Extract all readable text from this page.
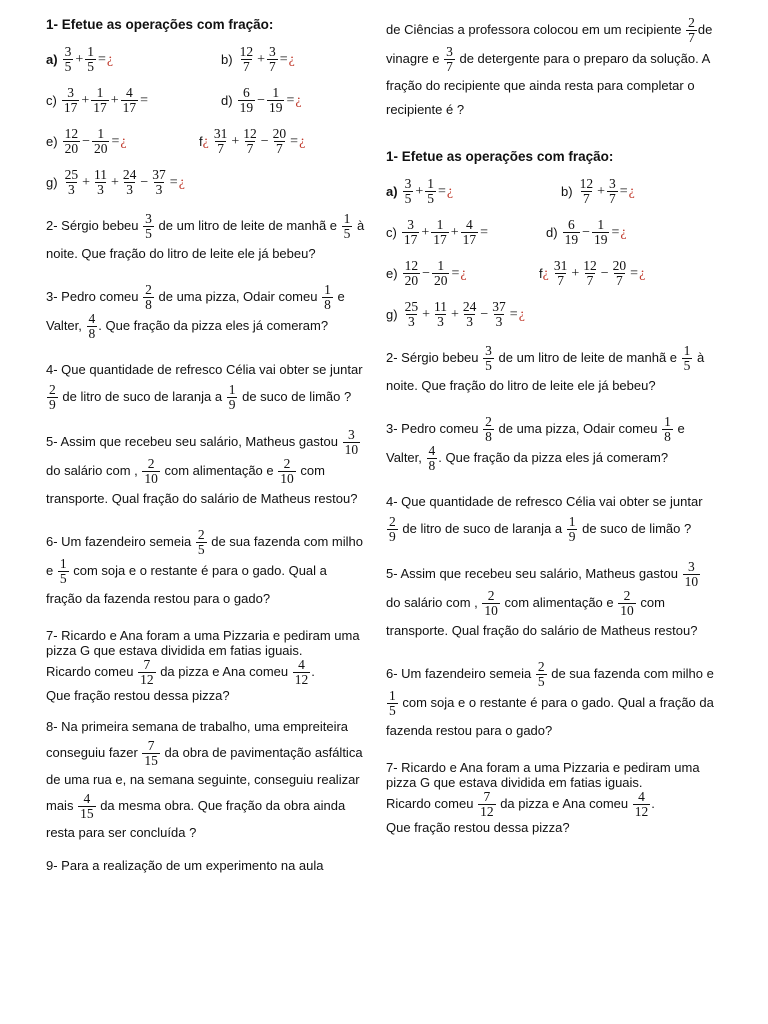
1- Efetue as operações com fração:
$a) \frac{3}{5} + \frac{1}{5}$ = ¿	$b) \frac{12}{7} + \frac{3}{7}$ = ¿
$c) \frac{3}{17} + \frac{1}{17} + \frac{4}{17}$ =	$d) \frac{6}{19} - \frac{1}{19}$ = ¿
$e) \frac{12}{20} - \frac{1}{20}$ = ¿	f ¿ $\frac{31}{7} + \frac{12}{7} - \frac{20}{7}$ = ¿
$g) \frac{25}{3} + \frac{11}{3} + \frac{24}{3} - \frac{37}{3}$ = ¿

2- Sérgio bebeu $\frac{3}{5}$ de um litro de leite de manhã e $\frac{1}{5}$ à noite. Que fração do litro de leite ele já bebeu?

3- Pedro comeu $\frac{2}{8}$ de uma pizza, Odair comeu $\frac{1}{8}$ e Valter, $\frac{4}{8}$ . Que fração da pizza eles já comeram?

4- Que quantidade de refresco Célia vai obter se juntar
$\frac{2}{9}$ de litro de suco de laranja a $\frac{1}{9}$ de suco de limão ?

5- Assim que recebeu seu salário, Matheus gastou $\frac{3}{10}$
do salário com , $\frac{2}{10}$ com alimentação e $\frac{2}{10}$ com transporte. Qual fração do salário de Matheus restou?

6- Um fazendeiro semeia $\frac{2}{5}$ de sua fazenda com milho e $\frac{1}{5}$ com soja e o restante é para o gado. Qual a fração da fazenda restou para o gado?

7- Ricardo e Ana foram a uma Pizzaria e pediram uma pizza G que estava dividida em fatias iguais.
Ricardo comeu $\frac{7}{12}$ da pizza e Ana comeu $\frac{4}{12}$ .
Que fração restou dessa pizza?

8- Na primeira semana de trabalho, uma empreiteira conseguiu fazer $\frac{7}{15}$ da obra de pavimentação asfáltica de uma rua e, na semana seguinte, conseguiu realizar mais $\frac{4}{15}$ da mesma obra. Que fração da obra ainda resta para ser concluída ?

9- Para a realização de um experimento na aula

de Ciências a professora colocou em um recipiente $\frac{2}{7}$ de vinagre e $\frac{3}{7}$ de detergente para o preparo da solução. A fração do recipiente que ainda resta para completar o recipiente é ?

1- Efetue as operações com fração:
$a) \frac{3}{5} + \frac{1}{5}$ = ¿	$b) \frac{12}{7} + \frac{3}{7}$ = ¿
$c) \frac{3}{17} + \frac{1}{17} + \frac{4}{17}$ =	$d) \frac{6}{19} - \frac{1}{19}$ = ¿
$e) \frac{12}{20} - \frac{1}{20}$ = ¿	f ¿ $\frac{31}{7} + \frac{12}{7} - \frac{20}{7}$ = ¿
$g) \frac{25}{3} + \frac{11}{3} + \frac{24}{3} - \frac{37}{3}$ = ¿

2- Sérgio bebeu $\frac{3}{5}$ de um litro de leite de manhã e $\frac{1}{5}$ à noite. Que fração do litro de leite ele já bebeu?

3- Pedro comeu $\frac{2}{8}$ de uma pizza, Odair comeu $\frac{1}{8}$ e Valter, $\frac{4}{8}$ . Que fração da pizza eles já comeram?

4- Que quantidade de refresco Célia vai obter se juntar
$\frac{2}{9}$ de litro de suco de laranja a $\frac{1}{9}$ de suco de limão ?

5- Assim que recebeu seu salário, Matheus gastou $\frac{3}{10}$
do salário com , $\frac{2}{10}$ com alimentação e $\frac{2}{10}$ com transporte. Qual fração do salário de Matheus restou?

6- Um fazendeiro semeia $\frac{2}{5}$ de sua fazenda com milho e
$\frac{1}{5}$ com soja e o restante é para o gado. Qual a fração da fazenda restou para o gado?

7- Ricardo e Ana foram a uma Pizzaria e pediram uma pizza G que estava dividida em fatias iguais.
Ricardo comeu $\frac{7}{12}$ da pizza e Ana comeu $\frac{4}{12}$ .
Que fração restou dessa pizza?
